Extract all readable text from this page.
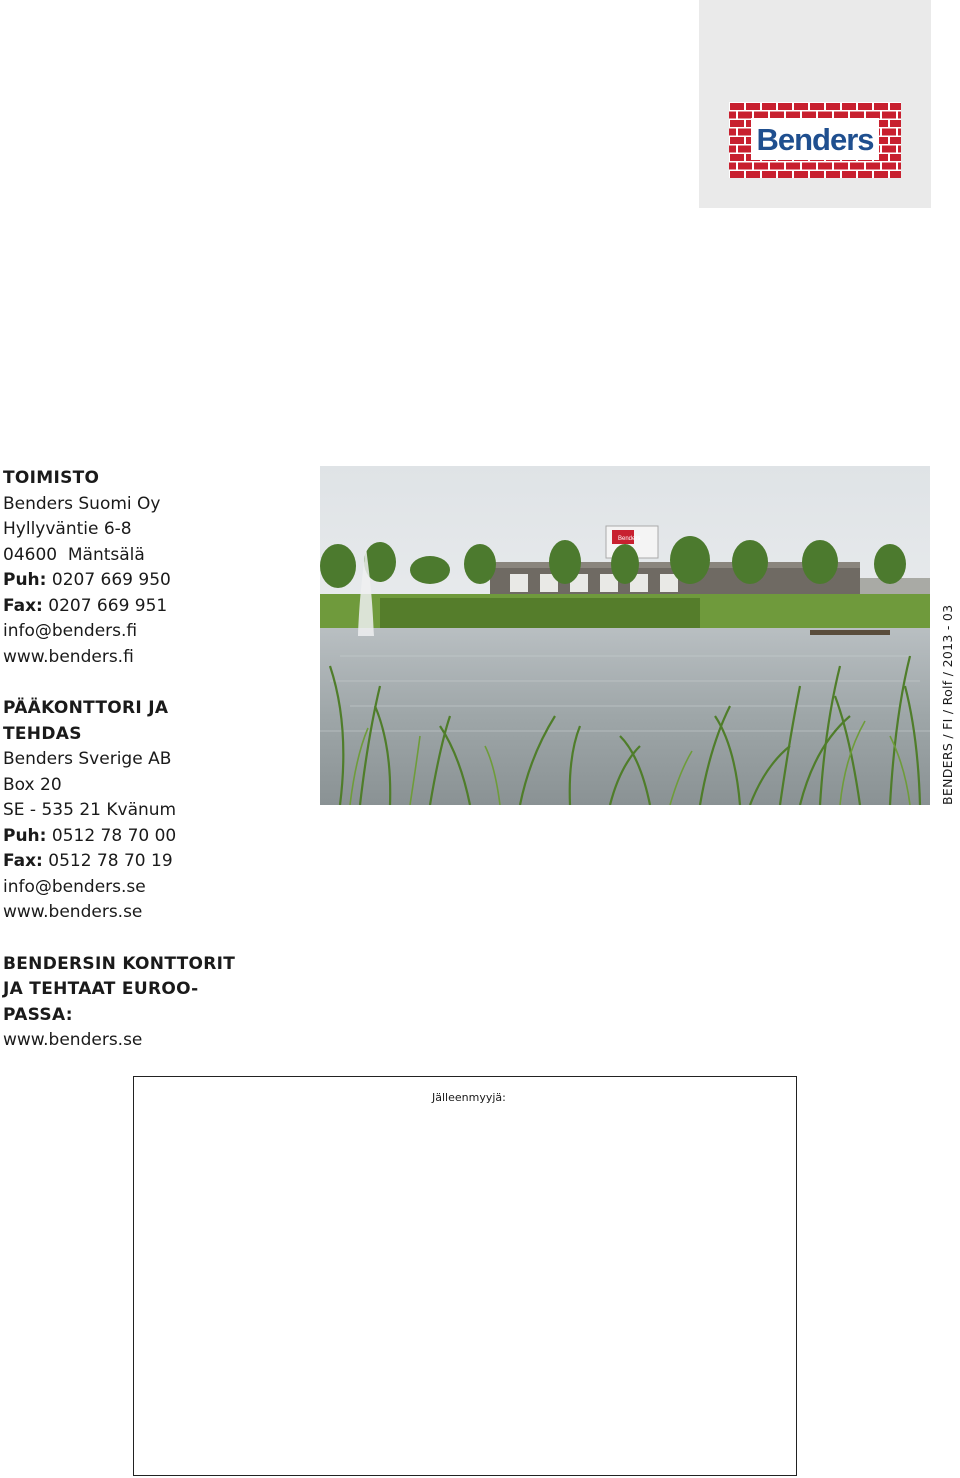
Benders
TOIMISTO
Benders Suomi Oy
Hyllyväntie 6-8
04600  Mäntsälä
Puh: 0207 669 950
Fax: 0207 669 951
info@benders.fi
www.benders.fi
PÄÄKONTTORI JA
TEHDAS
Benders Sverige AB
Box 20
SE - 535 21 Kvänum
Puh: 0512 78 70 00
Fax: 0512 78 70 19
info@benders.se
www.benders.se
BENDERSIN KONTTORIT
JA TEHTAAT EUROO-
PASSA:
www.benders.se
Benders
BENDERS / FI / Rolf / 2013 - 03
Jälleenmyyjä:
